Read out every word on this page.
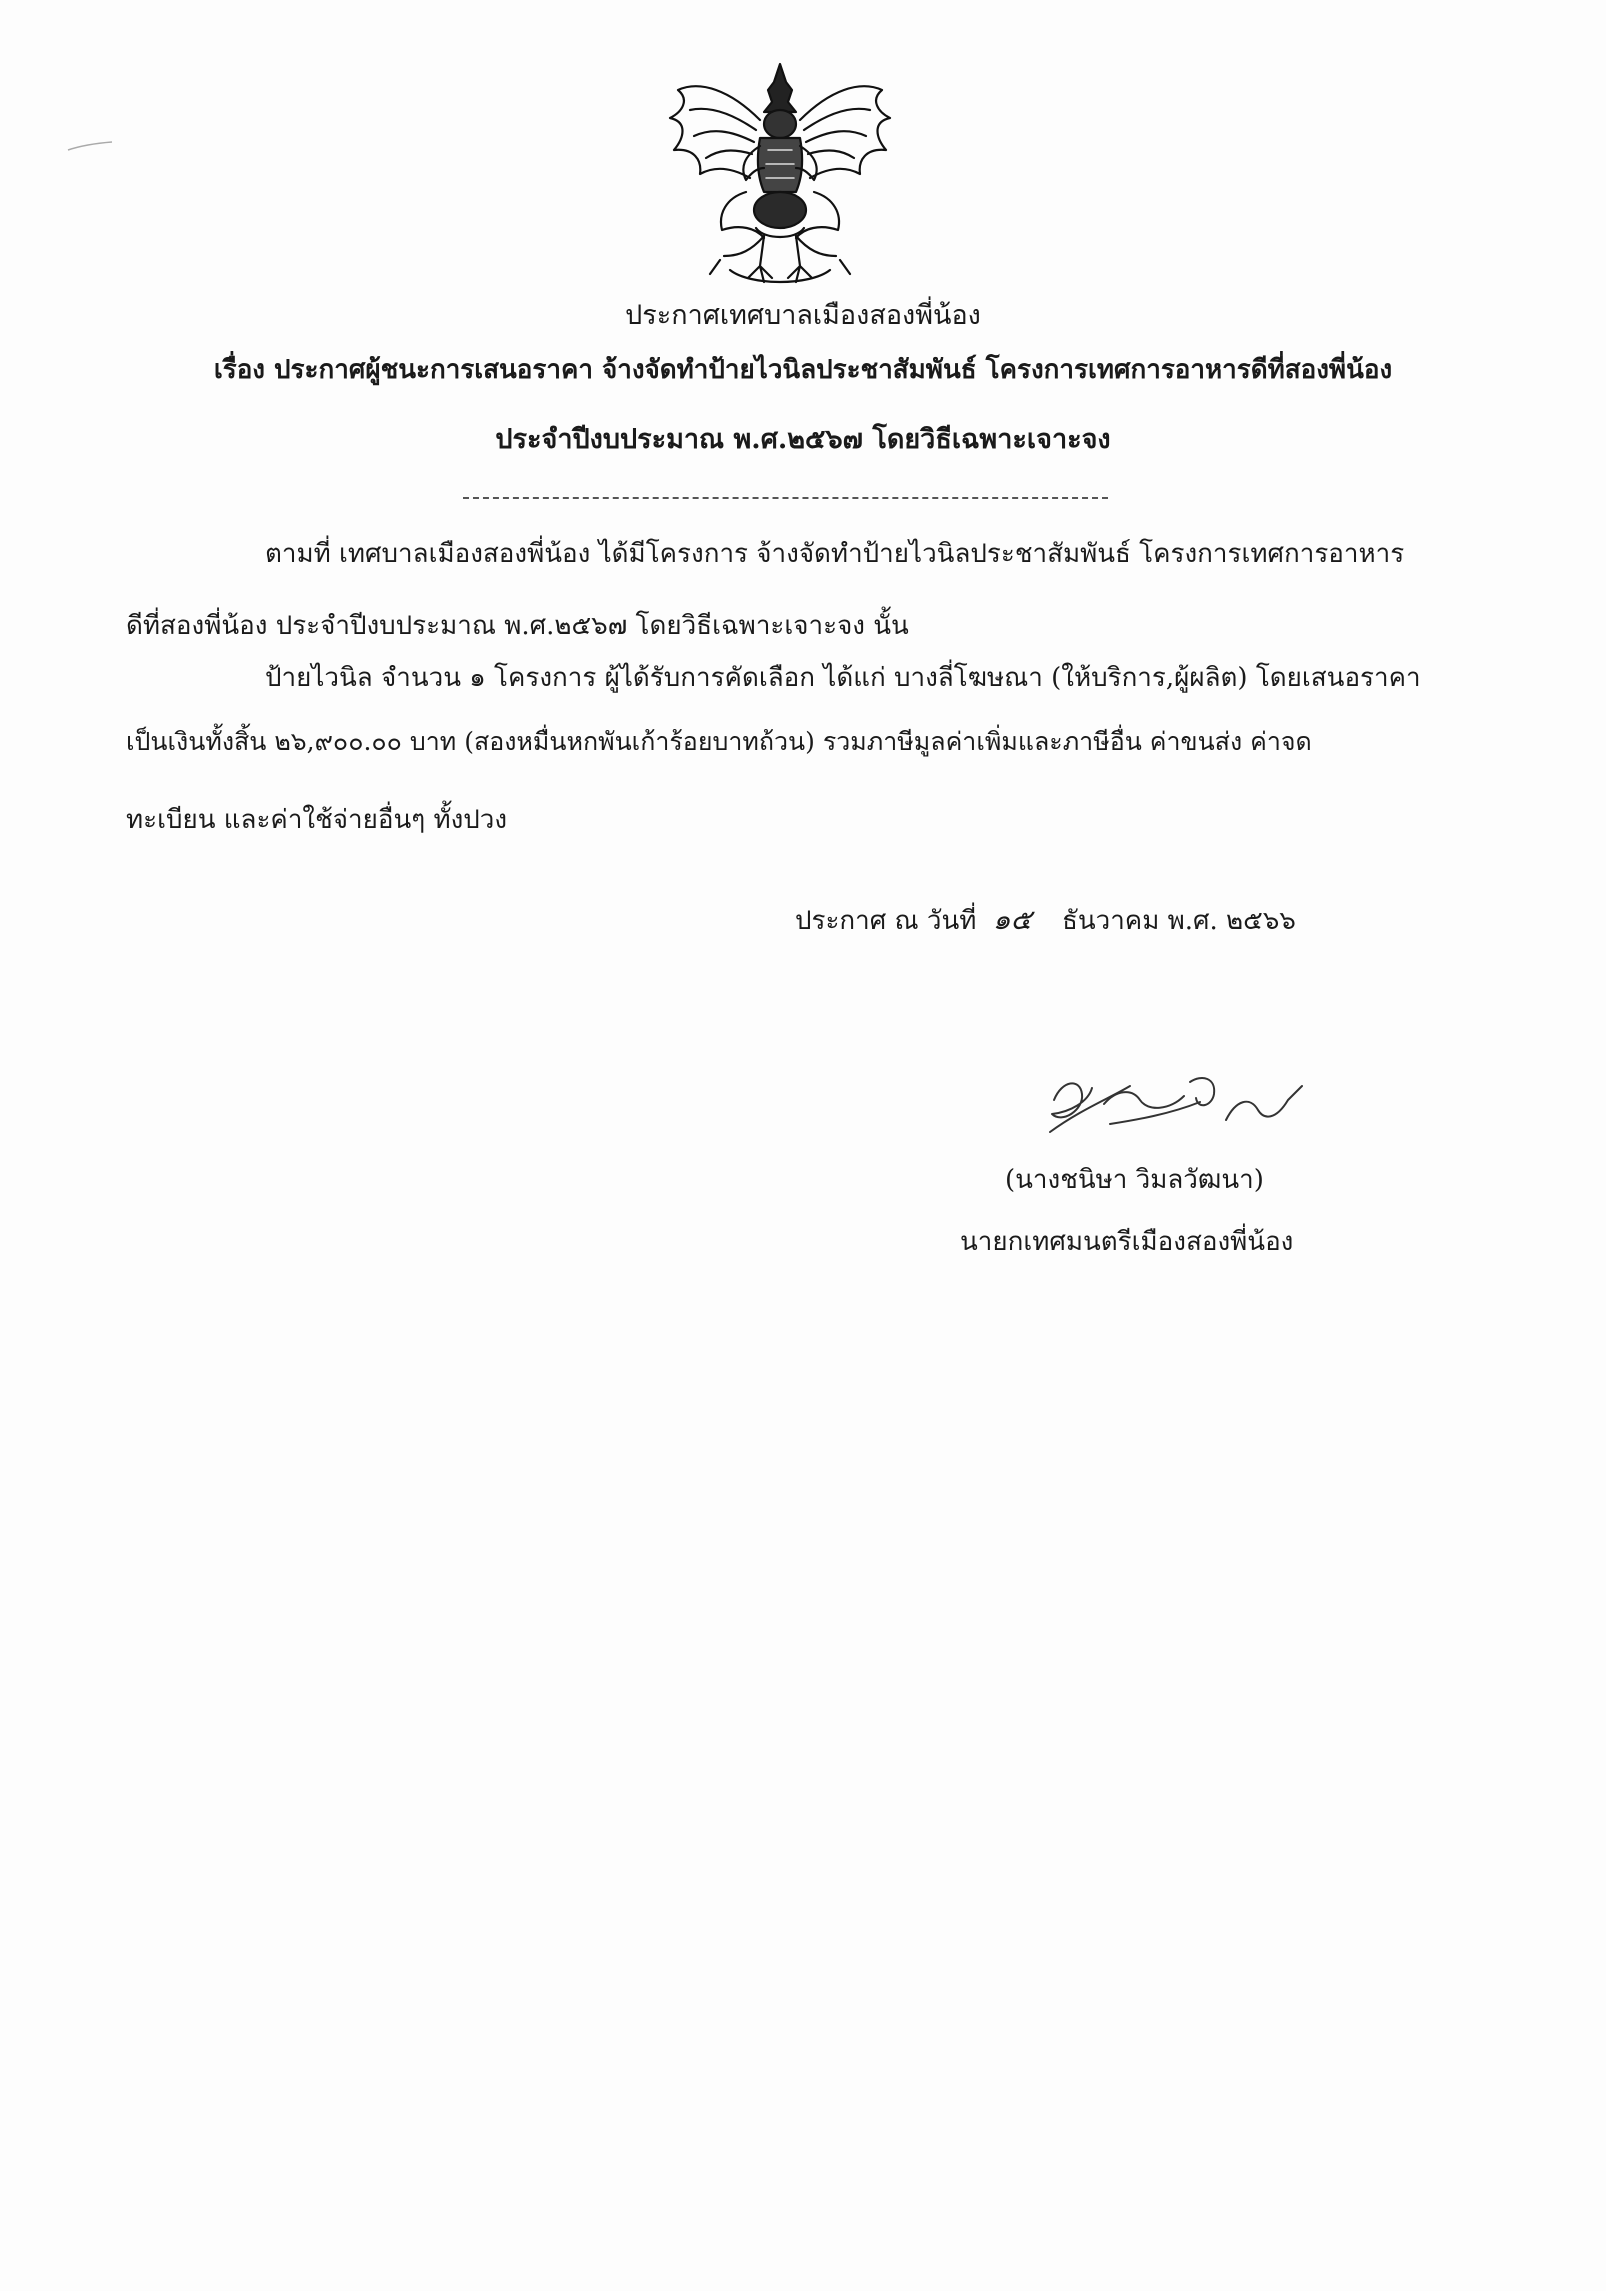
ประกาศเทศบาลเมืองสองพี่น้อง
เรื่อง ประกาศผู้ชนะการเสนอราคา จ้างจัดทำป้ายไวนิลประชาสัมพันธ์ โครงการเทศการอาหารดีที่สองพี่น้อง
ประจำปีงบประมาณ พ.ศ.๒๕๖๗ โดยวิธีเฉพาะเจาะจง
ตามที่ เทศบาลเมืองสองพี่น้อง ได้มีโครงการ จ้างจัดทำป้ายไวนิลประชาสัมพันธ์ โครงการเทศการอาหาร
ดีที่สองพี่น้อง ประจำปีงบประมาณ พ.ศ.๒๕๖๗ โดยวิธีเฉพาะเจาะจง นั้น
ป้ายไวนิล จำนวน ๑ โครงการ ผู้ได้รับการคัดเลือก ได้แก่ บางลี่โฆษณา (ให้บริการ,ผู้ผลิต) โดยเสนอราคา
เป็นเงินทั้งสิ้น ๒๖,๙๐๐.๐๐ บาท (สองหมื่นหกพันเก้าร้อยบาทถ้วน) รวมภาษีมูลค่าเพิ่มและภาษีอื่น ค่าขนส่ง ค่าจด
ทะเบียน และค่าใช้จ่ายอื่นๆ ทั้งปวง
ประกาศ ณ วันที่ ๑๕ ธันวาคม พ.ศ. ๒๕๖๖
(นางชนิษา วิมลวัฒนา)
นายกเทศมนตรีเมืองสองพี่น้อง
